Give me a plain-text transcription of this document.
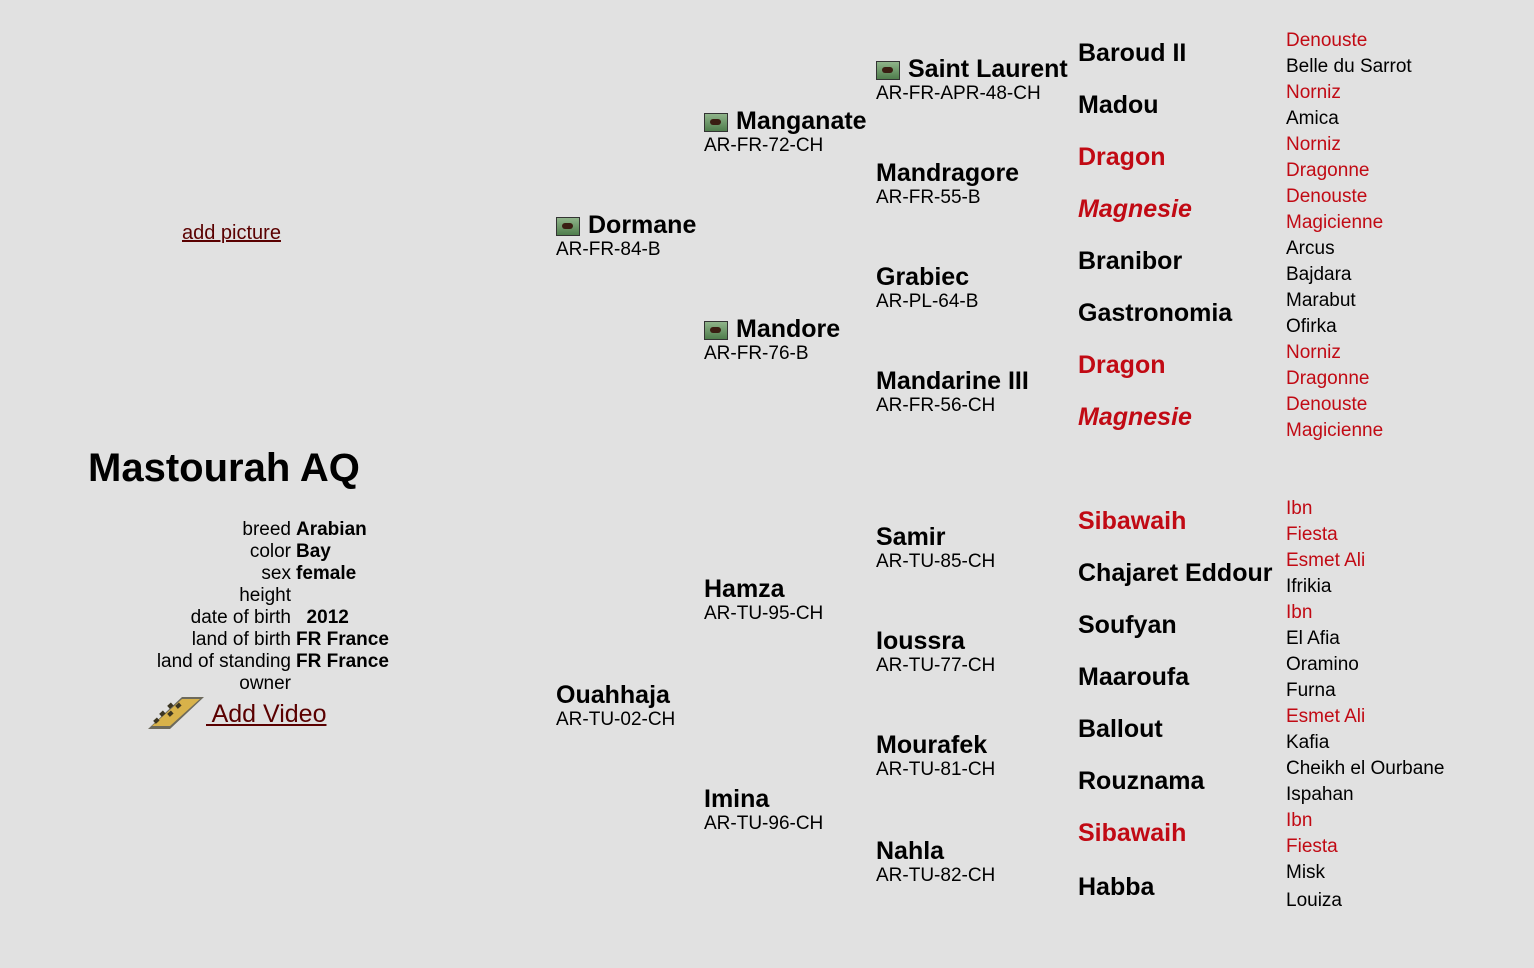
add picture
Mastourah AQ
breed Arabian
color Bay
sex female
height
date of birth 2012
land of birth FR France
land of standing FR France
owner
Add Video
Dormane
AR-FR-84-B
Ouahhaja
AR-TU-02-CH
Manganate
AR-FR-72-CH
Mandore
AR-FR-76-B
Hamza
AR-TU-95-CH
Imina
AR-TU-96-CH
Saint Laurent
AR-FR-APR-48-CH
Mandragore
AR-FR-55-B
Grabiec
AR-PL-64-B
Mandarine III
AR-FR-56-CH
Samir
AR-TU-85-CH
Ioussra
AR-TU-77-CH
Mourafek
AR-TU-81-CH
Nahla
AR-TU-82-CH
Baroud II
Madou
Dragon
Magnesie
Branibor
Gastronomia
Dragon
Magnesie
Sibawaih
Chajaret Eddour
Soufyan
Maaroufa
Ballout
Rouznama
Sibawaih
Habba
Denouste
Belle du Sarrot
Norniz
Amica
Norniz
Dragonne
Denouste
Magicienne
Arcus
Bajdara
Marabut
Ofirka
Norniz
Dragonne
Denouste
Magicienne
Ibn
Fiesta
Esmet Ali
Ifrikia
Ibn
El Afia
Oramino
Furna
Esmet Ali
Kafia
Cheikh el Ourbane
Ispahan
Ibn
Fiesta
Misk
Louiza
